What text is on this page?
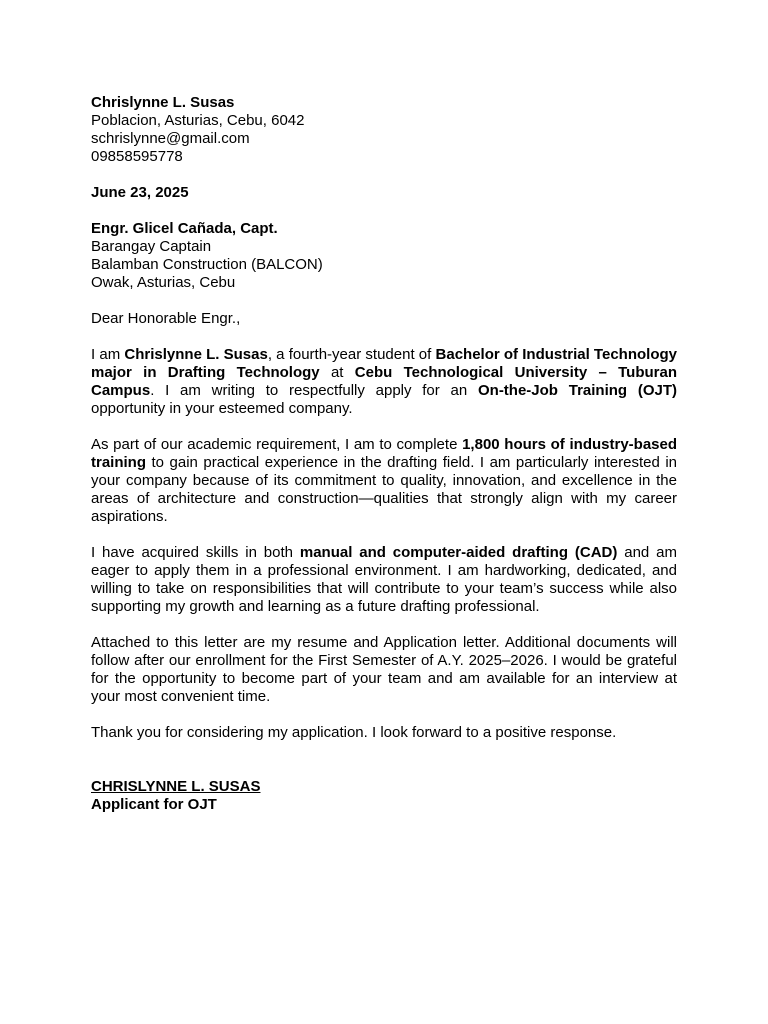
Chrislynne L. Susas
Poblacion, Asturias, Cebu, 6042
schrislynne@gmail.com
09858595778
June 23, 2025
Engr. Glicel Cañada, Capt.
Barangay Captain
Balamban Construction (BALCON)
Owak, Asturias, Cebu
Dear Honorable Engr.,

I am Chrislynne L. Susas, a fourth-year student of Bachelor of Industrial Technology major in Drafting Technology at Cebu Technological University – Tuburan Campus. I am writing to respectfully apply for an On-the-Job Training (OJT) opportunity in your esteemed company.

As part of our academic requirement, I am to complete 1,800 hours of industry-based training to gain practical experience in the drafting field. I am particularly interested in your company because of its commitment to quality, innovation, and excellence in the areas of architecture and construction—qualities that strongly align with my career aspirations.

I have acquired skills in both manual and computer-aided drafting (CAD) and am eager to apply them in a professional environment. I am hardworking, dedicated, and willing to take on responsibilities that will contribute to your team’s success while also supporting my growth and learning as a future drafting professional.

Attached to this letter are my resume and Application letter. Additional documents will follow after our enrollment for the First Semester of A.Y. 2025–2026. I would be grateful for the opportunity to become part of your team and am available for an interview at your most convenient time.

Thank you for considering my application. I look forward to a positive response.

CHRISLYNNE L. SUSAS
Applicant for OJT
